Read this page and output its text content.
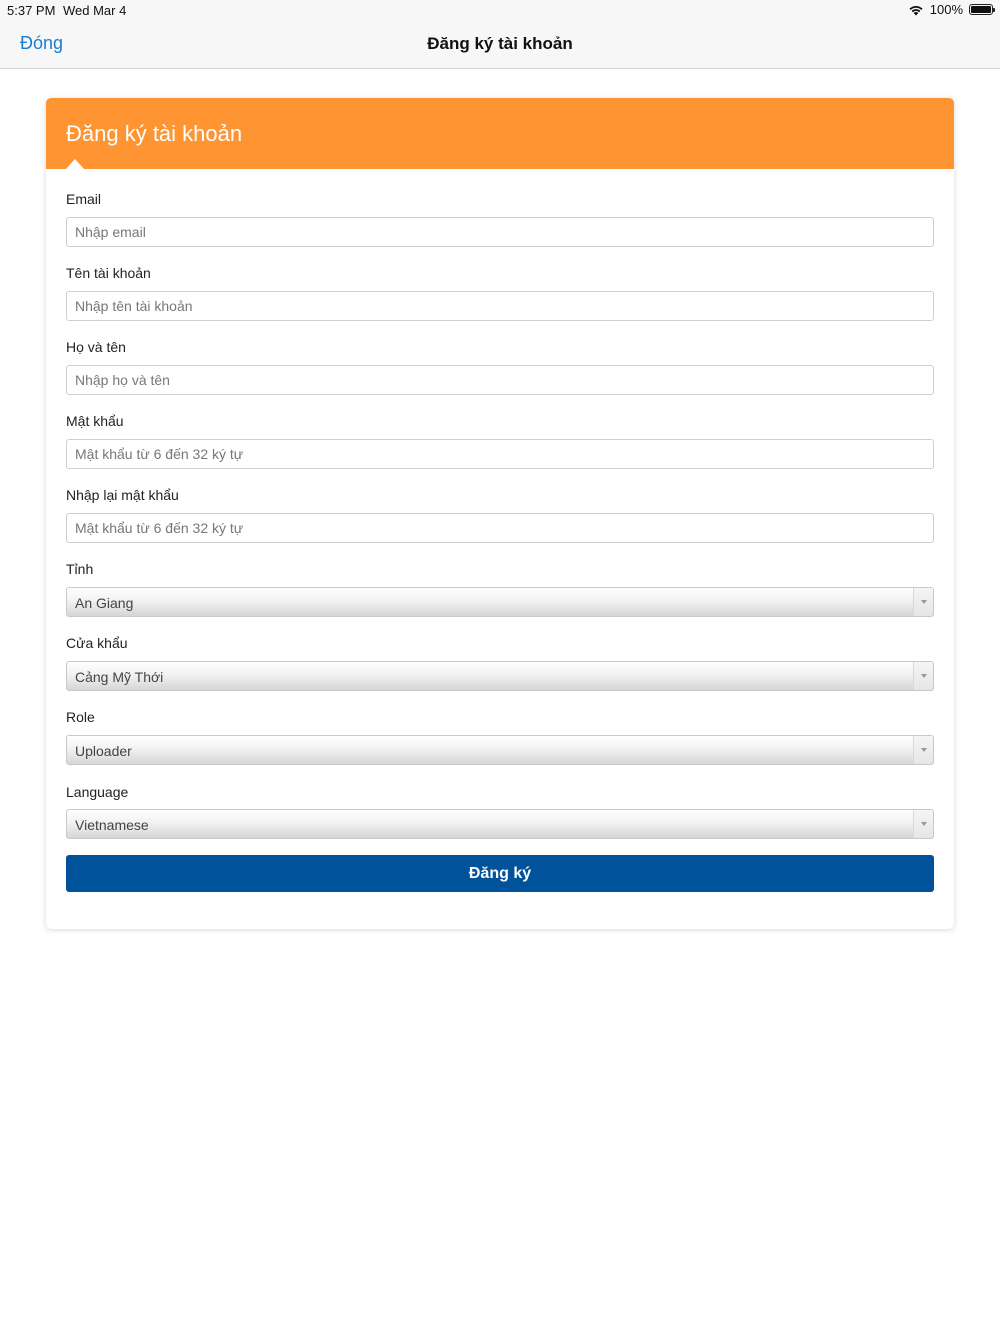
5:37 PM Wed Mar 4	100%
Đóng	Đăng ký tài khoản
Đăng ký tài khoản
Email
Nhập email
Tên tài khoản
Nhập tên tài khoản
Họ và tên
Nhập họ và tên
Mật khẩu
Nhập lại mật khẩu
Tỉnh
An Giang
Cửa khẩu
Cảng Mỹ Thới
Role
Uploader
Language
Vietnamese
Đăng ký
